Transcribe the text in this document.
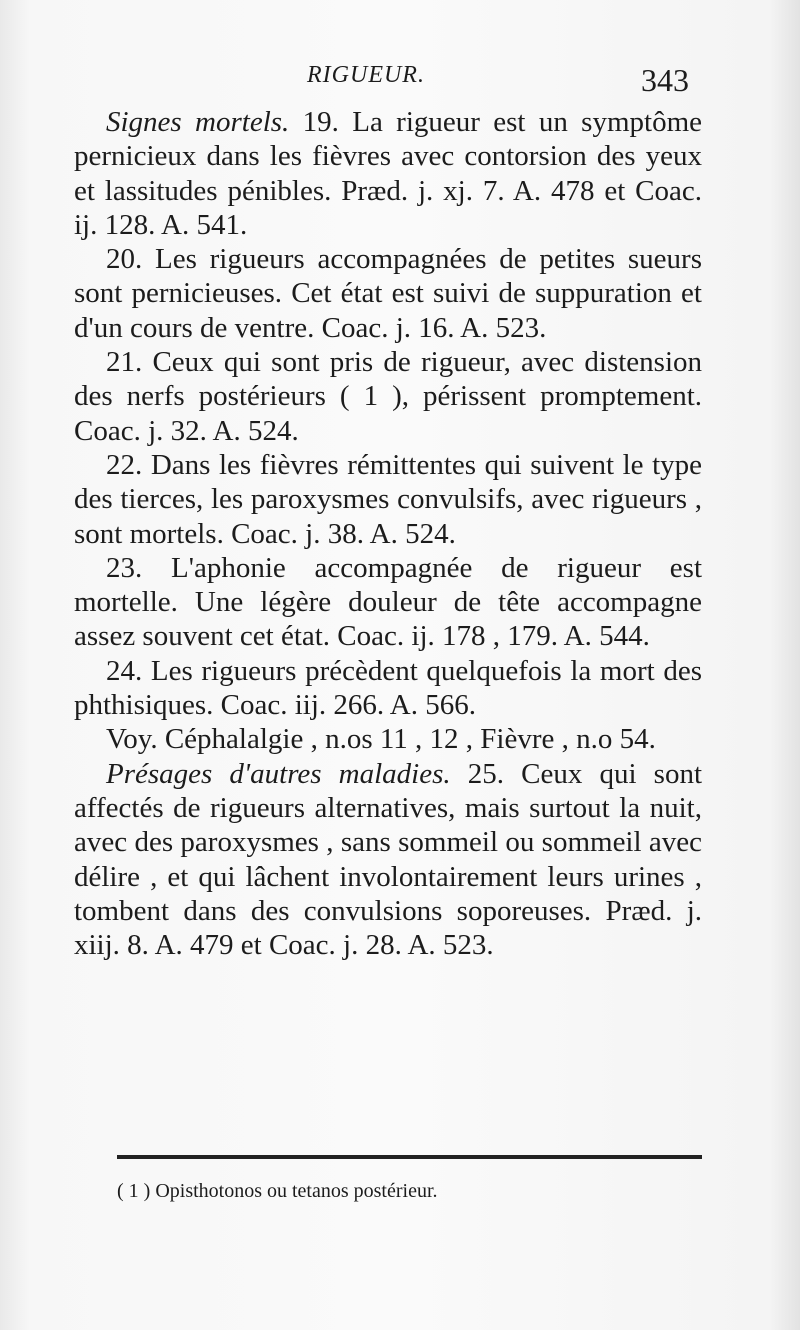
RIGUEUR.	343

Signes mortels. 19. La rigueur est un symptôme pernicieux dans les fièvres avec contorsion des yeux et lassitudes pénibles. Præd. j. xj. 7. A. 478 et Coac. ij. 128. A. 541.

20. Les rigueurs accompagnées de petites sueurs sont pernicieuses. Cet état est suivi de suppuration et d'un cours de ventre. Coac. j. 16. A. 523.

21. Ceux qui sont pris de rigueur, avec distension des nerfs postérieurs ( 1 ), périssent promptement. Coac. j. 32. A. 524.

22. Dans les fièvres rémittentes qui suivent le type des tierces, les paroxysmes convulsifs, avec rigueurs , sont mortels. Coac. j. 38. A. 524.

23. L'aphonie accompagnée de rigueur est mortelle. Une légère douleur de tête accompagne assez souvent cet état. Coac. ij. 178 , 179. A. 544.

24. Les rigueurs précèdent quelquefois la mort des phthisiques. Coac. iij. 266. A. 566.

Voy. Céphalalgie , n.os 11 , 12 , Fièvre , n.o 54.

Présages d'autres maladies. 25. Ceux qui sont affectés de rigueurs alternatives, mais surtout la nuit, avec des paroxysmes , sans sommeil ou sommeil avec délire , et qui lâchent involontairement leurs urines , tombent dans des convulsions soporeuses. Præd. j. xiij. 8. A. 479 et Coac. j. 28. A. 523.

( 1 ) Opisthotonos ou tetanos postérieur.
